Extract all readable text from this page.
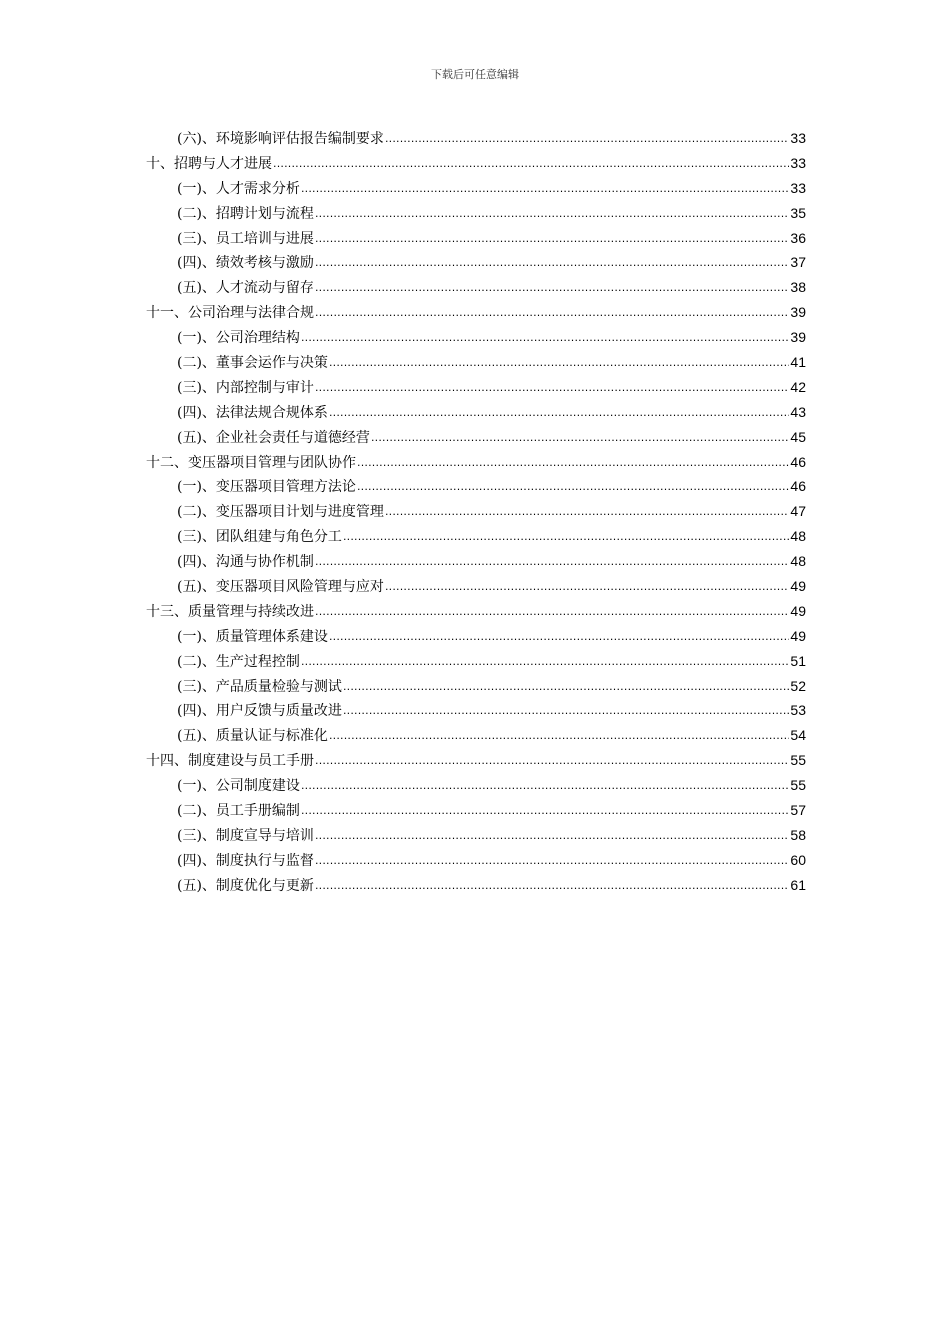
下载后可任意编辑
(六)、环境影响评估报告编制要求 .....	33
十、招聘与人才进展 .....	33
(一)、人才需求分析 .....	33
(二)、招聘计划与流程 .....	35
(三)、员工培训与进展 .....	36
(四)、绩效考核与激励 .....	37
(五)、人才流动与留存 .....	38
十一、公司治理与法律合规 .....	39
(一)、公司治理结构 .....	39
(二)、董事会运作与决策 .....	41
(三)、内部控制与审计 .....	42
(四)、法律法规合规体系 .....	43
(五)、企业社会责任与道德经营 .....	45
十二、变压器项目管理与团队协作 .....	46
(一)、变压器项目管理方法论 .....	46
(二)、变压器项目计划与进度管理 .....	47
(三)、团队组建与角色分工 .....	48
(四)、沟通与协作机制 .....	48
(五)、变压器项目风险管理与应对 .....	49
十三、质量管理与持续改进 .....	49
(一)、质量管理体系建设 .....	49
(二)、生产过程控制 .....	51
(三)、产品质量检验与测试 .....	52
(四)、用户反馈与质量改进 .....	53
(五)、质量认证与标准化 .....	54
十四、制度建设与员工手册 .....	55
(一)、公司制度建设 .....	55
(二)、员工手册编制 .....	57
(三)、制度宣导与培训 .....	58
(四)、制度执行与监督 .....	60
(五)、制度优化与更新 .....	61
